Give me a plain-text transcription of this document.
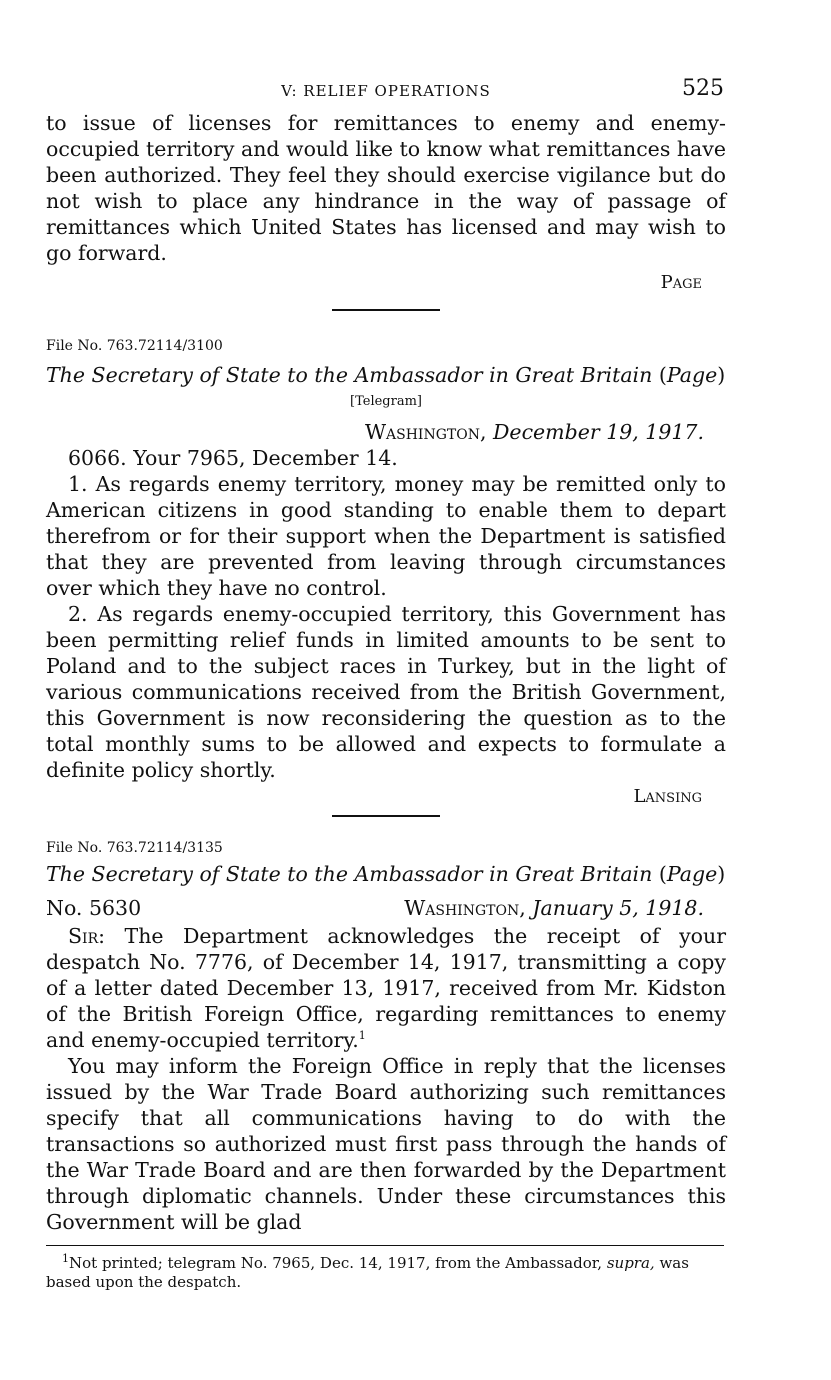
V: RELIEF OPERATIONS	525

to issue of licenses for remittances to enemy and enemy-occupied territory and would like to know what remittances have been authorized. They feel they should exercise vigilance but do not wish to place any hindrance in the way of passage of remittances which United States has licensed and may wish to go forward.

Page
File No. 763.72114/3100
The Secretary of State to the Ambassador in Great Britain (Page)
[Telegram]
Washington, December 19, 1917.

6066. Your 7965, December 14.

1. As regards enemy territory, money may be remitted only to American citizens in good standing to enable them to depart therefrom or for their support when the Department is satisfied that they are prevented from leaving through circumstances over which they have no control.

2. As regards enemy-occupied territory, this Government has been permitting relief funds in limited amounts to be sent to Poland and to the subject races in Turkey, but in the light of various communications received from the British Government, this Government is now reconsidering the question as to the total monthly sums to be allowed and expects to formulate a definite policy shortly.

Lansing
File No. 763.72114/3135
The Secretary of State to the Ambassador in Great Britain (Page)
No. 5630	Washington, January 5, 1918.

Sir: The Department acknowledges the receipt of your despatch No. 7776, of December 14, 1917, transmitting a copy of a letter dated December 13, 1917, received from Mr. Kidston of the British Foreign Office, regarding remittances to enemy and enemy-occupied territory.$^1$

You may inform the Foreign Office in reply that the licenses issued by the War Trade Board authorizing such remittances specify that all communications having to do with the transactions so authorized must first pass through the hands of the War Trade Board and are then forwarded by the Department through diplomatic channels. Under these circumstances this Government will be glad

$^1$Not printed; telegram No. 7965, Dec. 14, 1917, from the Ambassador, supra, was based upon the despatch.
